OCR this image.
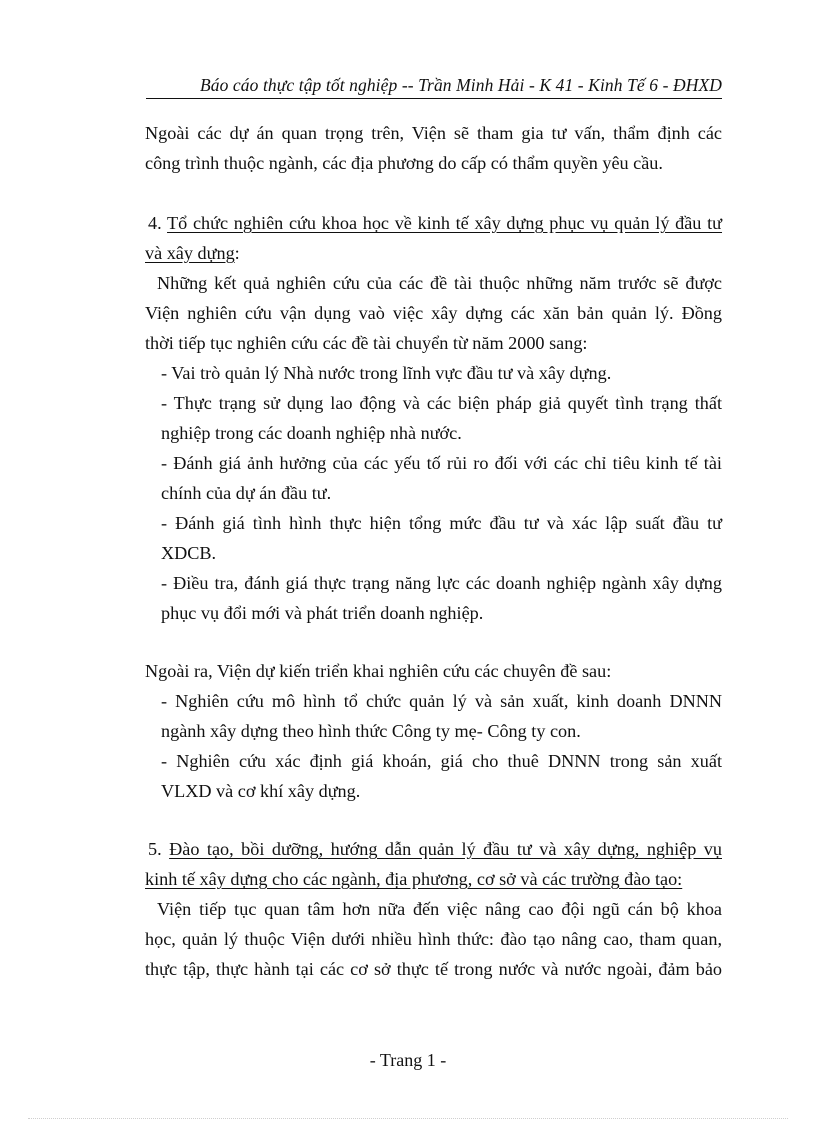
Báo cáo thực tập tốt nghiệp -- Trần Minh Hải - K 41 - Kinh Tế 6 - ĐHXD
Ngoài các dự án quan trọng trên, Viện sẽ tham gia tư vấn, thẩm định các
công trình thuộc ngành, các địa phương do cấp có thẩm quyền yêu cầu.
4. Tổ chức nghiên cứu khoa học về kinh tế xây dựng phục vụ quản lý đầu tư
và xây dựng:
Những kết quả nghiên cứu của các đề tài thuộc những năm trước sẽ được
Viện nghiên cứu vận dụng vaò việc xây dựng các xăn bản quản lý. Đồng
thời tiếp tục nghiên cứu các đề tài chuyển từ năm 2000 sang:
- Vai trò quản lý Nhà nước trong lĩnh vực đầu tư và xây dựng.
- Thực trạng sử dụng lao động và các biện pháp giả quyết tình trạng thất
nghiệp trong các doanh nghiệp nhà nước.
- Đánh giá ảnh hưởng của các yếu tố rủi ro đối với các chỉ tiêu kinh tế tài
chính của dự án đầu tư.
- Đánh giá tình hình thực hiện tổng mức đầu tư và xác lập suất đầu tư
XDCB.
- Điều tra, đánh giá thực trạng năng lực các doanh nghiệp ngành xây dựng
phục vụ đổi mới và phát triển doanh nghiệp.
Ngoài ra, Viện dự kiến triển khai nghiên cứu các chuyên đề sau:
- Nghiên cứu mô hình tổ chức quản lý và sản xuất, kinh doanh DNNN
ngành xây dựng theo hình thức Công ty mẹ- Công ty con.
- Nghiên cứu xác định giá khoán, giá cho thuê DNNN trong sản xuất
VLXD và cơ khí xây dựng.
5. Đào tạo, bồi dưỡng, hướng dẫn quản lý đầu tư và xây dựng, nghiệp vụ
kinh tế xây dựng cho các ngành, địa phương, cơ sở và các trường đào tạo:
Viện tiếp tục quan tâm hơn nữa đến việc nâng cao đội ngũ cán bộ khoa
học, quản lý thuộc Viện dưới nhiều hình thức: đào tạo nâng cao, tham quan,
thực tập, thực hành tại các cơ sở thực tế trong nước và nước ngoài, đảm bảo
- Trang 1 -
